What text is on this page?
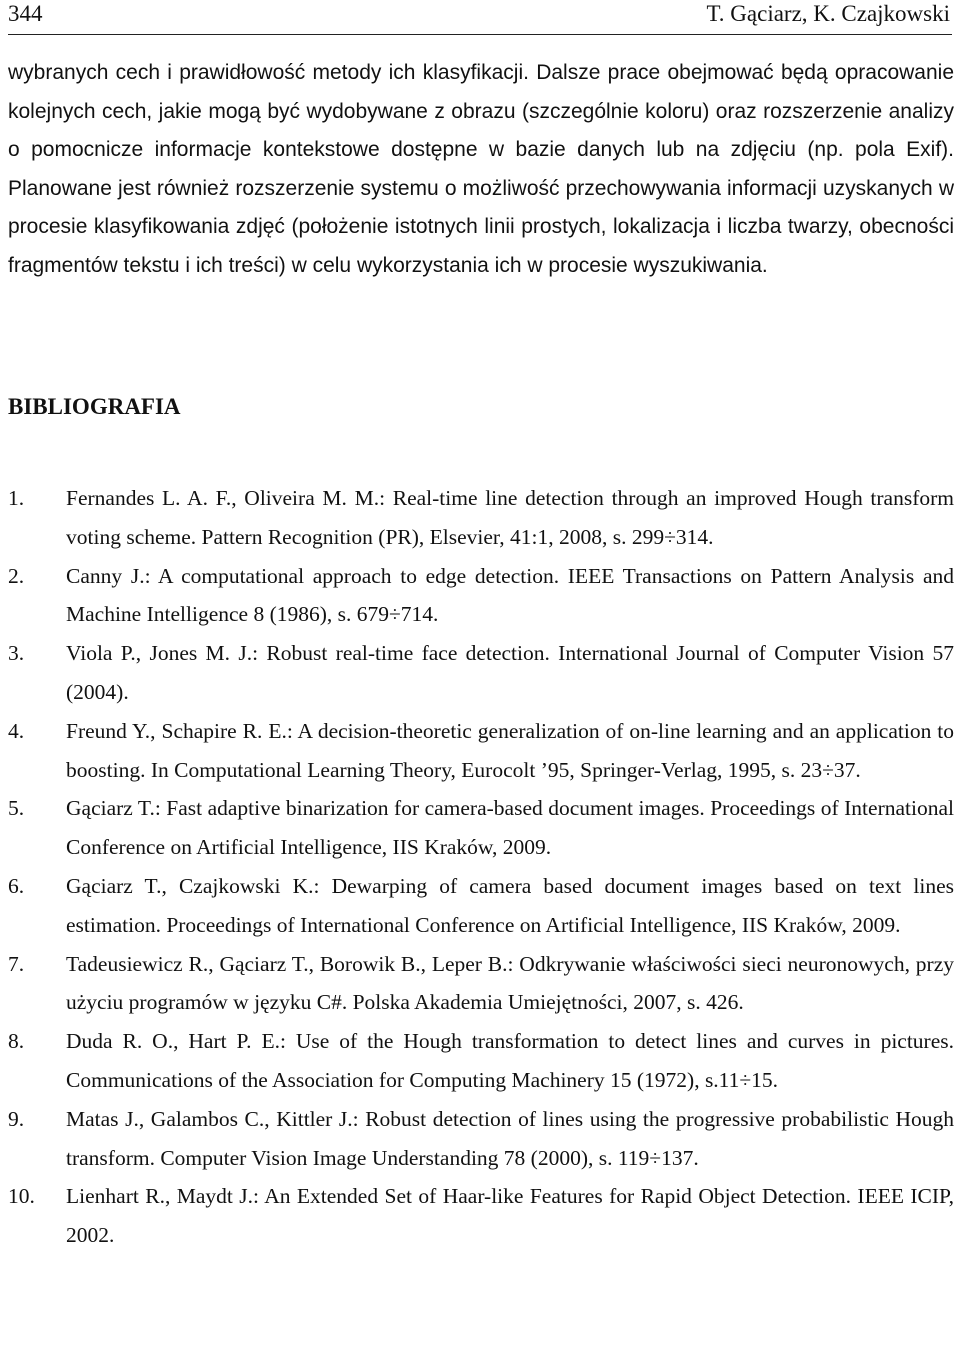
344	T. Gąciarz, K. Czajkowski

wybranych cech i prawidłowość metody ich klasyfikacji. Dalsze prace obejmować będą opracowanie kolejnych cech, jakie mogą być wydobywane z obrazu (szczególnie koloru) oraz rozszerzenie analizy o pomocnicze informacje kontekstowe dostępne w bazie danych lub na zdjęciu (np. pola Exif). Planowane jest również rozszerzenie systemu o możliwość przechowywania informacji uzyskanych w procesie klasyfikowania zdjęć (położenie istotnych linii prostych, lokalizacja i liczba twarzy, obecności fragmentów tekstu i ich treści) w celu wykorzystania ich w procesie wyszukiwania.

BIBLIOGRAFIA
1. Fernandes L. A. F., Oliveira M. M.: Real-time line detection through an improved Hough transform voting scheme. Pattern Recognition (PR), Elsevier, 41:1, 2008, s. 299÷314.
2. Canny J.: A computational approach to edge detection. IEEE Transactions on Pattern Analysis and Machine Intelligence 8 (1986), s. 679÷714.
3. Viola P., Jones M. J.: Robust real-time face detection. International Journal of Computer Vision 57 (2004).
4. Freund Y., Schapire R. E.: A decision-theoretic generalization of on-line learning and an application to boosting. In Computational Learning Theory, Eurocolt ’95, Springer-Verlag, 1995, s. 23÷37.
5. Gąciarz T.: Fast adaptive binarization for camera-based document images. Proceedings of International Conference on Artificial Intelligence, IIS Kraków, 2009.
6. Gąciarz T., Czajkowski K.: Dewarping of camera based document images based on text lines estimation. Proceedings of International Conference on Artificial Intelligence, IIS Kraków, 2009.
7. Tadeusiewicz R., Gąciarz T., Borowik B., Leper B.: Odkrywanie właściwości sieci neuronowych, przy użyciu programów w języku C#. Polska Akademia Umiejętności, 2007, s. 426.
8. Duda R. O., Hart P. E.: Use of the Hough transformation to detect lines and curves in pictures. Communications of the Association for Computing Machinery 15 (1972), s.11÷15.
9. Matas J., Galambos C., Kittler J.: Robust detection of lines using the progressive probabilistic Hough transform. Computer Vision Image Understanding 78 (2000), s. 119÷137.
10. Lienhart R., Maydt J.: An Extended Set of Haar-like Features for Rapid Object Detection. IEEE ICIP, 2002.
